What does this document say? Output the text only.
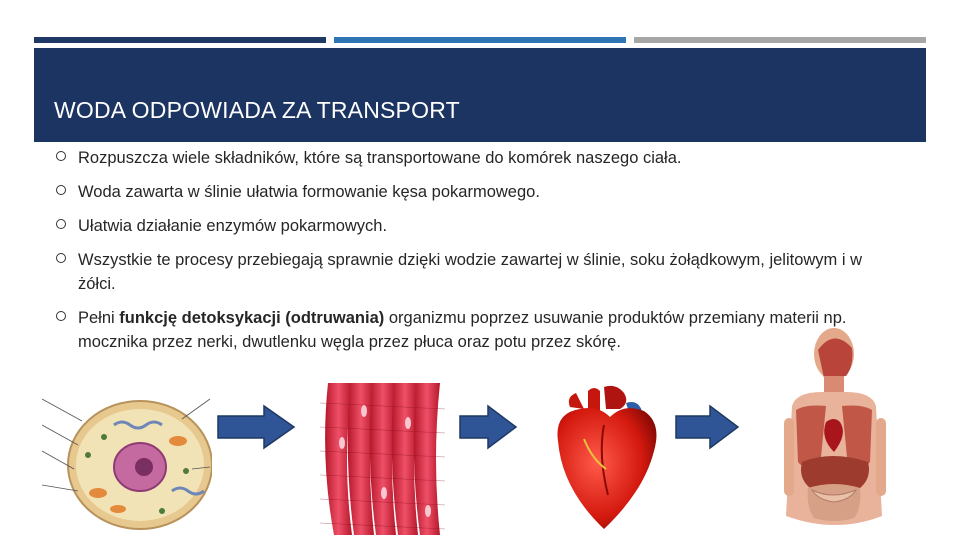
WODA ODPOWIADA ZA TRANSPORT
Rozpuszcza wiele składników, które są transportowane do komórek naszego ciała.
Woda zawarta w ślinie ułatwia formowanie kęsa pokarmowego.
Ułatwia działanie enzymów pokarmowych.
Wszystkie te procesy przebiegają sprawnie dzięki wodzie zawartej w ślinie, soku żołądkowym, jelitowym i w żółci.
Pełni funkcję detoksykacji (odtruwania) organizmu poprzez usuwanie produktów przemiany materii np. mocznika przez nerki, dwutlenku węgla przez płuca oraz potu przez skórę.
